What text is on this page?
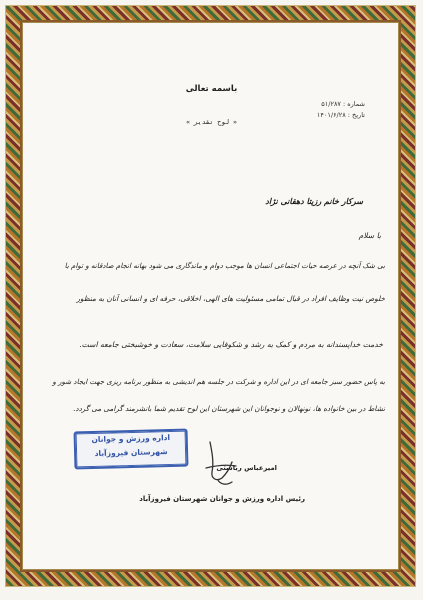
باسمه تعالی
شماره : ۵۱/۲۸۷
تاریخ : ۱۴۰۱/۶/۲۸
« لوح تقدیر »
سرکار خانم رزیتا دهقانی نژاد
با سلام
بی شک آنچه در عرصه حیات اجتماعی انسان ها موجب دوام و ماندگاری می شود بهانه انجام صادقانه و توام با
خلوص نیت وظایف افراد در قبال تمامی مسئولیت های الهی، اخلاقی، حرفه ای و انسانی آنان به منظور
خدمت خداپسندانه به مردم و کمک به رشد و شکوفایی سلامت، سعادت و خوشبختی جامعه است.
به پاس حضور سبز جامعه ای در این اداره و شرکت در جلسه هم اندیشی به منظور برنامه ریزی جهت ایجاد شور و
نشاط در بین خانواده ها، نونهالان و نوجوانان این شهرستان این لوح تقدیم شما بانشرمند گرامی می گردد.
اداره ورزش و جوانان
شهرستان فیروزآباد
امیرعباس رباستی
رئیس اداره ورزش و جوانان شهرستان فیروزآباد
